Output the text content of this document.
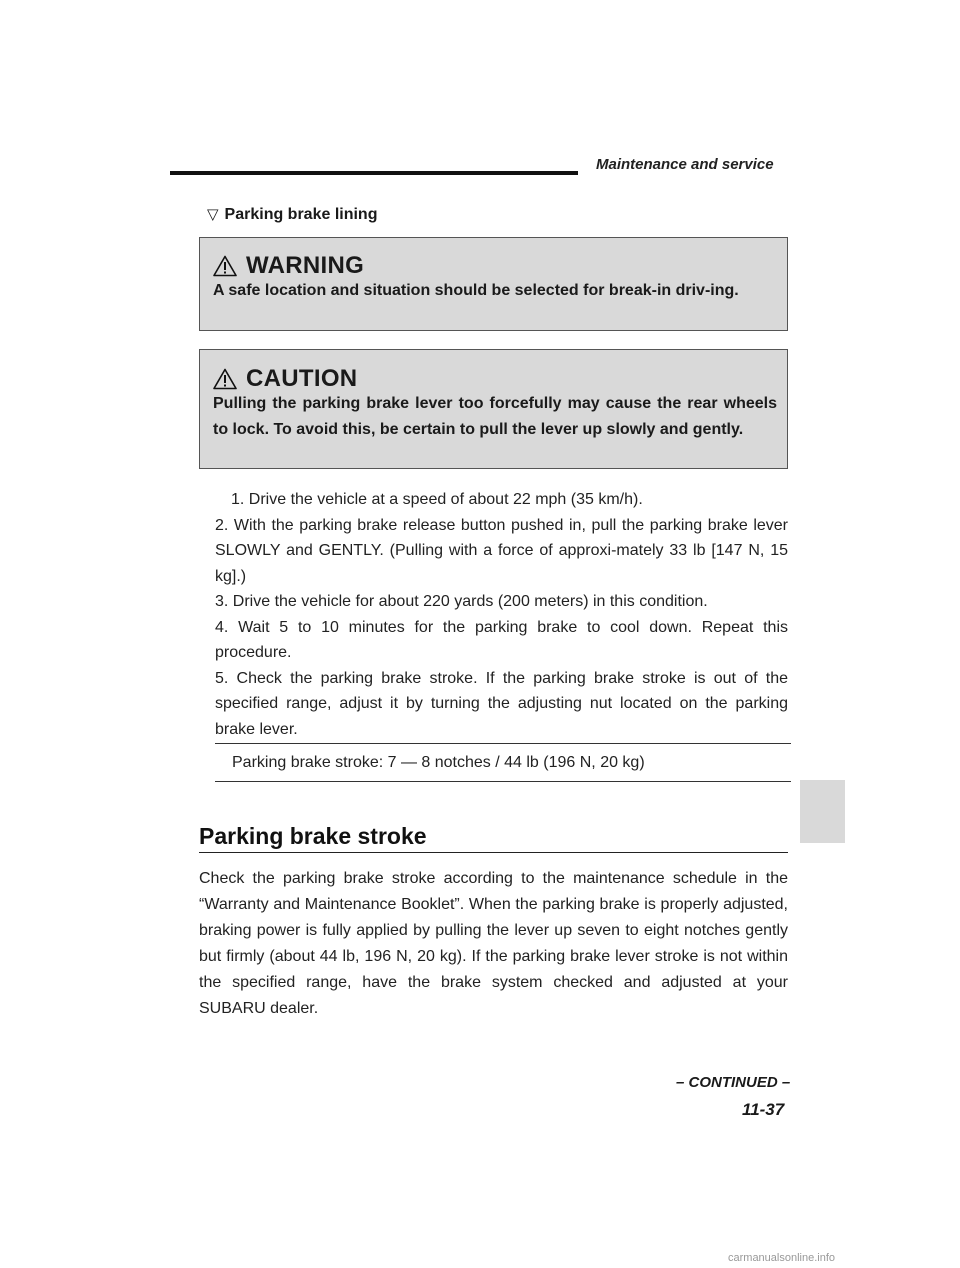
Maintenance and service
▽ Parking brake lining
WARNING
A safe location and situation should be selected for break-in driv-ing.
CAUTION
Pulling the parking brake lever too forcefully may cause the rear wheels to lock. To avoid this, be certain to pull the lever up slowly and gently.

1. Drive the vehicle at a speed of about 22 mph (35 km/h).

2. With the parking brake release button pushed in, pull the parking brake lever SLOWLY and GENTLY. (Pulling with a force of approxi-mately 33 lb [147 N, 15 kg].)

3. Drive the vehicle for about 220 yards (200 meters) in this condition.

4. Wait 5 to 10 minutes for the parking brake to cool down. Repeat this procedure.

5. Check the parking brake stroke. If the parking brake stroke is out of the specified range, adjust it by turning the adjusting nut located on the parking brake lever.

Parking brake stroke: 7 — 8 notches / 44 lb (196 N, 20 kg)
Parking brake stroke
Check the parking brake stroke according to the maintenance schedule in the “Warranty and Maintenance Booklet”. When the parking brake is properly adjusted, braking power is fully applied by pulling the lever up seven to eight notches gently but firmly (about 44 lb, 196 N, 20 kg). If the parking brake lever stroke is not within the specified range, have the brake system checked and adjusted at your SUBARU dealer.
– CONTINUED –
11-37
carmanualsonline.info
